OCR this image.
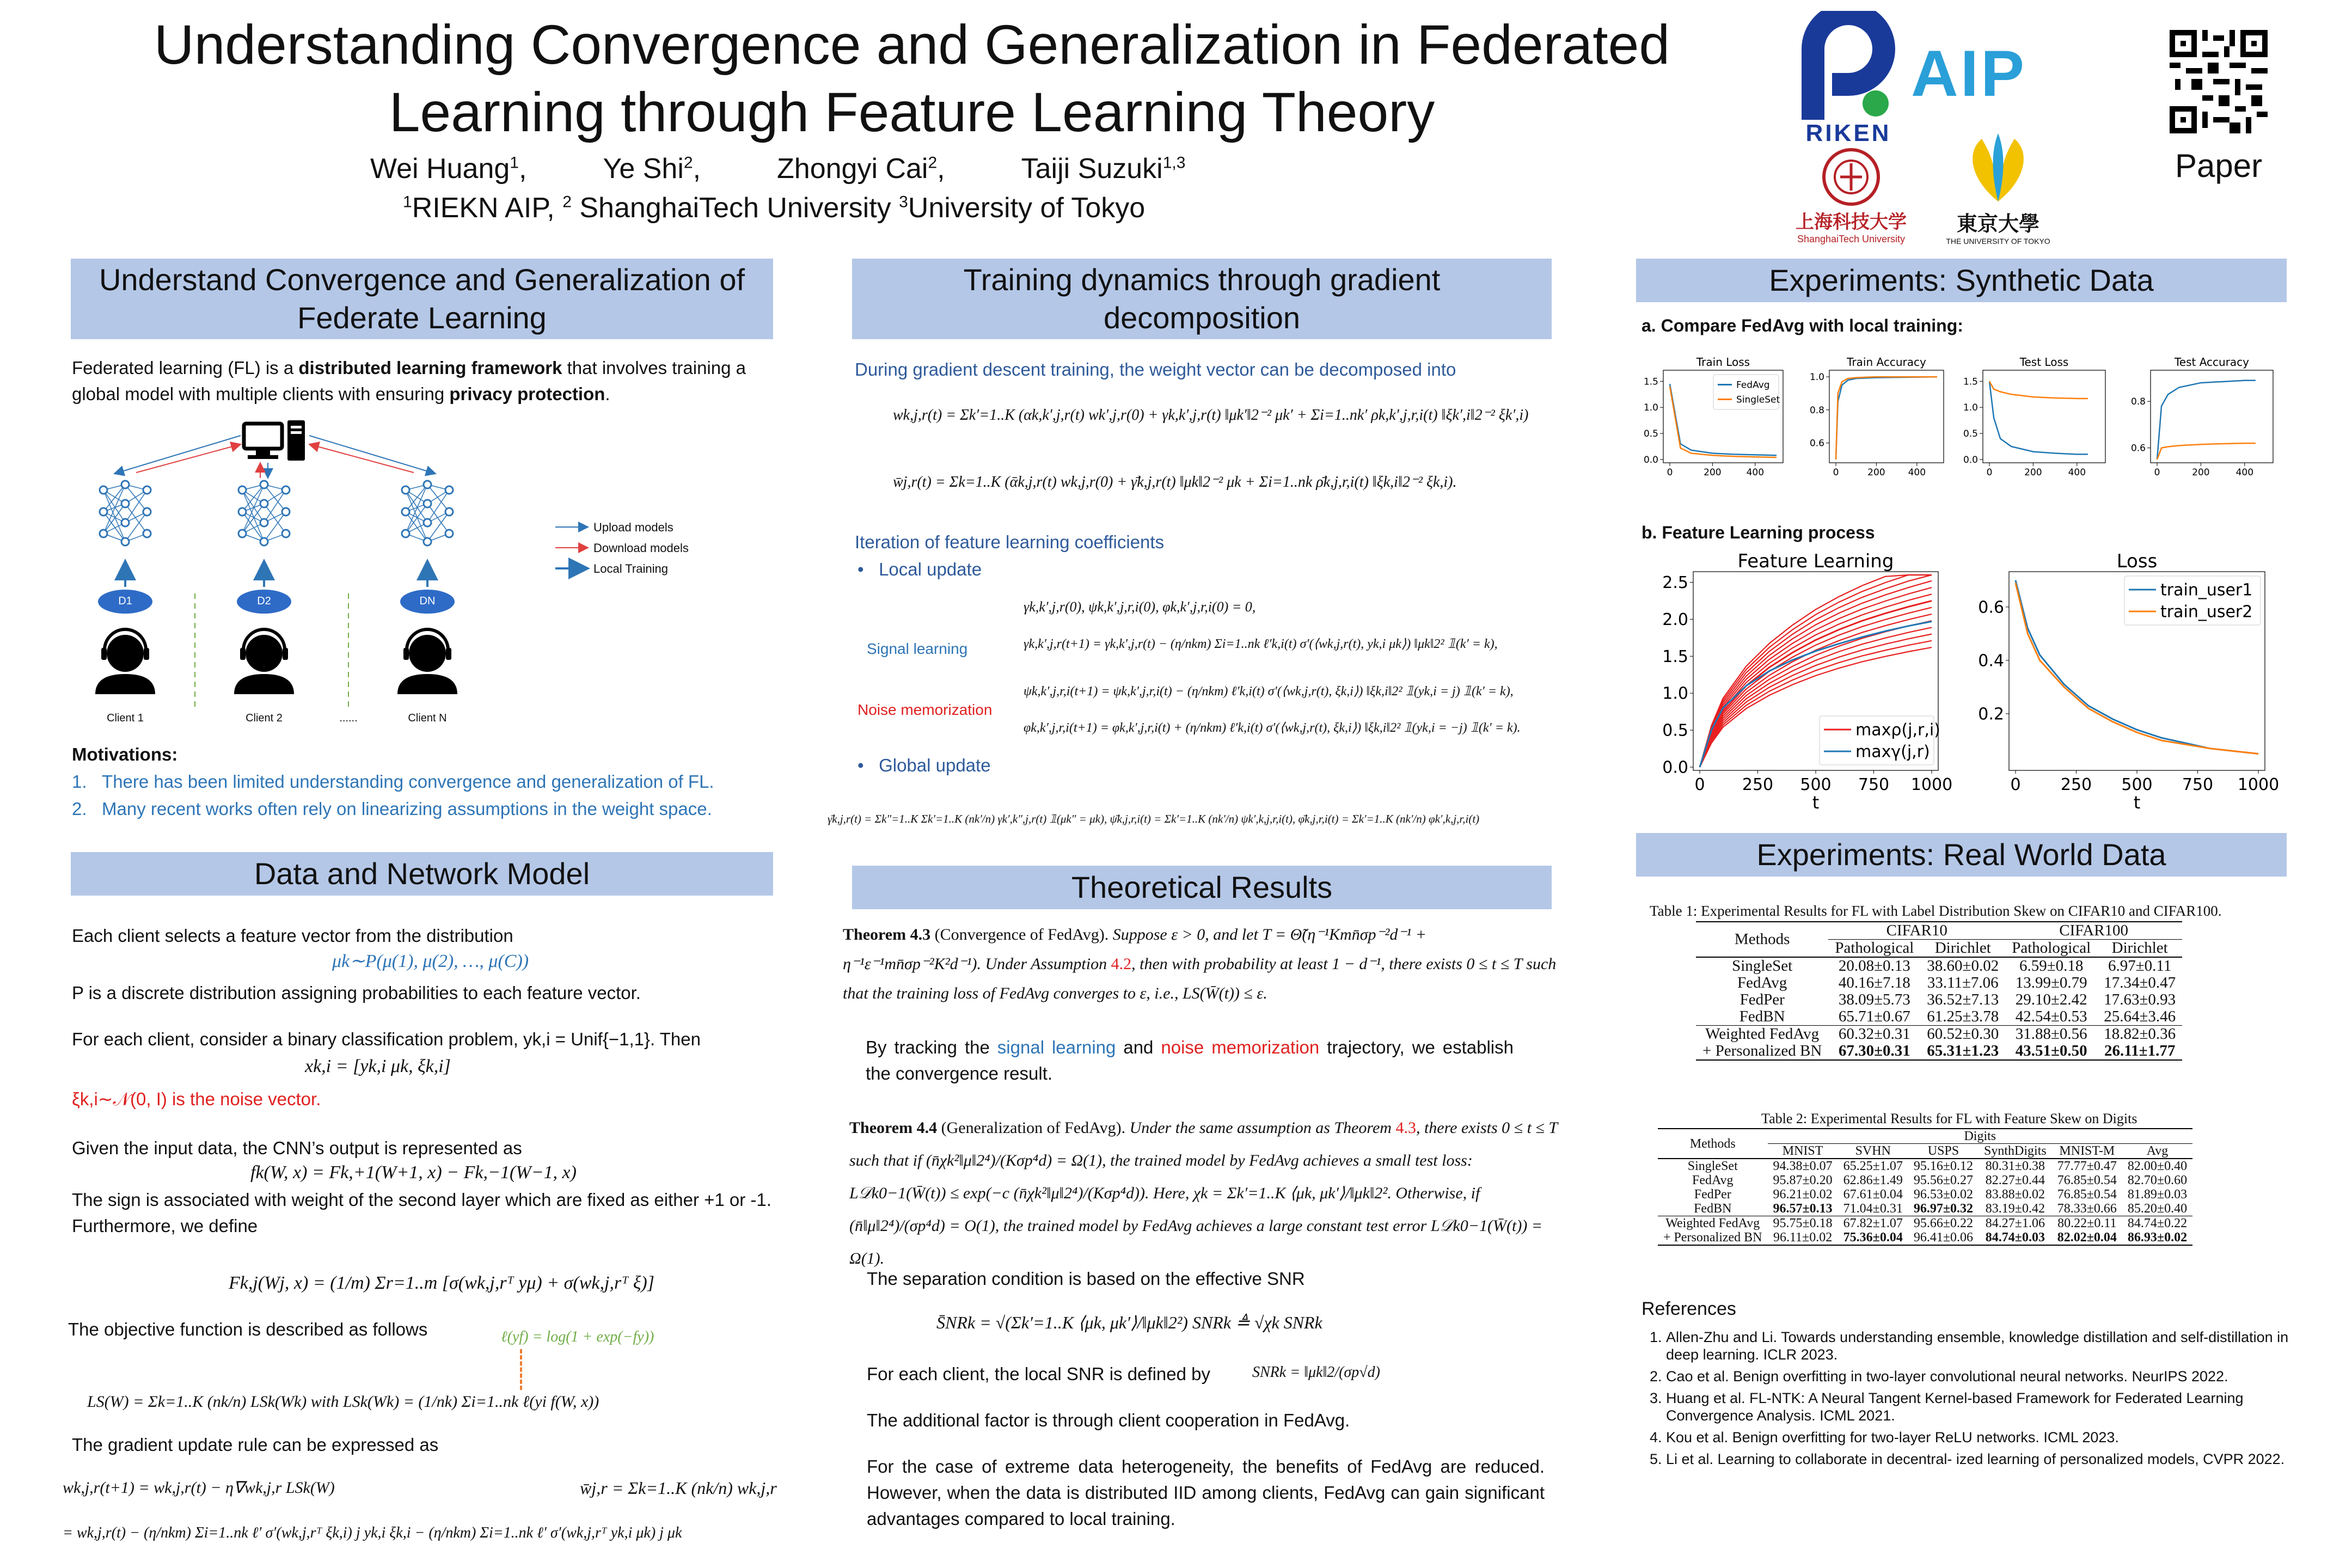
Understanding Convergence and Generalization in Federated
Learning through Feature Learning Theory
Wei Huang$^1$,	Ye Shi$^2$,	Zhongyi Cai$^2$,	Taiji Suzuki$^{1,3}$
$^1$RIEKN AIP, $^2$ ShanghaiTech University $^3$University of Tokyo
RIKEN
AIP
上海科技大学
ShanghaiTech University
東京大學
THE UNIVERSITY OF TOKYO
Paper
Understand Convergence and Generalization of
Federate Learning
Federated learning (FL) is a distributed learning framework that involves training a global model with multiple clients with ensuring privacy protection.
Upload models
Download models
Local Training
D1	D2	DN
Client 1	Client 2	......	Client N
Motivations:
1.   There has been limited understanding convergence and generalization of FL.
2.   Many recent works often rely on linearizing assumptions in the weight space.
Data and Network Model
Each client selects a feature vector from the distribution
μk∼P(μ(1), μ(2), …, μ(C))
P is a discrete distribution assigning probabilities to each feature vector.
For each client, consider a binary classification problem, yk,i = Unif{−1,1}. Then
xk,i = [yk,i μk, ξk,i]
ξk,i∼𝒩(0, I) is the noise vector.
Given the input data, the CNN’s output is represented as
fk(W, x) = Fk,+1(W+1, x) − Fk,−1(W−1, x)
The sign is associated with weight of the second layer which are fixed as either +1 or -1. Furthermore, we define
Fk,j(Wj, x) = (1/m) Σr=1..m [σ(wk,j,rᵀ yμ) + σ(wk,j,rᵀ ξ)]
The objective function is described as follows	ℓ(yf) = log(1 + exp(−fy))
LS(W) = Σk=1..K (nk/n) LSk(Wk) with LSk(Wk) = (1/nk) Σi=1..nk ℓ(yi f(W, x))
The gradient update rule can be expressed as
wk,j,r(t+1) = wk,j,r(t) − η∇wk,j,r LSk(W)	w̄j,r = Σk=1..K (nk/n) wk,j,r
= wk,j,r(t) − (η/nkm) Σi=1..nk ℓ′ σ′(wk,j,rᵀ ξk,i) j yk,i ξk,i − (η/nkm) Σi=1..nk ℓ′ σ′(wk,j,rᵀ yk,i μk) j μk
Training dynamics through gradient
decomposition
During gradient descent training, the weight vector can be decomposed into
wk,j,r(t) = Σk′=1..K (αk,k′,j,r(t) wk′,j,r(0) + γk,k′,j,r(t) ‖μk′‖2⁻² μk′ + Σi=1..nk′ ρk,k′,j,r,i(t) ‖ξk′,i‖2⁻² ξk′,i)
w̄j,r(t) = Σk=1..K (ᾱk,j,r(t) wk,j,r(0) + γ̄k,j,r(t) ‖μk‖2⁻² μk + Σi=1..nk ρ̄k,j,r,i(t) ‖ξk,i‖2⁻² ξk,i).
Iteration of feature learning coefficients
•   Local update
γk,k′,j,r(0), ψk,k′,j,r,i(0), φk,k′,j,r,i(0) = 0,
Signal learning	γk,k′,j,r(t+1) = γk,k′,j,r(t) − (η/nkm) Σi=1..nk ℓ′k,i(t) σ′(⟨wk,j,r(t), yk,i μk⟩) ‖μk‖2² 𝟙(k′ = k),
Noise memorization
ψk,k′,j,r,i(t+1) = ψk,k′,j,r,i(t) − (η/nkm) ℓ′k,i(t) σ′(⟨wk,j,r(t), ξk,i⟩) ‖ξk,i‖2² 𝟙(yk,i = j) 𝟙(k′ = k),
φk,k′,j,r,i(t+1) = φk,k′,j,r,i(t) + (η/nkm) ℓ′k,i(t) σ′(⟨wk,j,r(t), ξk,i⟩) ‖ξk,i‖2² 𝟙(yk,i = −j) 𝟙(k′ = k).
•   Global update
γ̄k,j,r(t) = Σk″=1..K Σk′=1..K (nk′/n) γk′,k″,j,r(t) 𝟙(μk″ = μk), ψ̄k,j,r,i(t) = Σk′=1..K (nk′/n) ψk′,k,j,r,i(t), φ̄k,j,r,i(t) = Σk′=1..K (nk′/n) φk′,k,j,r,i(t)
Theoretical Results
Theorem 4.3 (Convergence of FedAvg). Suppose ε > 0, and let T = Θ̃(η⁻¹Kmn̄σp⁻²d⁻¹ + η⁻¹ε⁻¹mn̄σp⁻²K²d⁻¹). Under Assumption 4.2, then with probability at least 1 − d⁻¹, there exists 0 ≤ t ≤ T such that the training loss of FedAvg converges to ε, i.e., LS(W̄(t)) ≤ ε.
By tracking the signal learning and noise memorization trajectory, we establish the convergence result.
Theorem 4.4 (Generalization of FedAvg). Under the same assumption as Theorem 4.3, there exists 0 ≤ t ≤ T such that if (n̄χk²‖μ‖2⁴)/(Kσp⁴d) = Ω(1), the trained model by FedAvg achieves a small test loss: L𝒟k0−1(W̄(t)) ≤ exp(−c (n̄χk²‖μ‖2⁴)/(Kσp⁴d)). Here, χk = Σk′=1..K ⟨μk, μk′⟩/‖μk‖2². Otherwise, if (n̄‖μ‖2⁴)/(σp⁴d) = O(1), the trained model by FedAvg achieves a large constant test error L𝒟k0−1(W̄(t)) = Ω(1).
The separation condition is based on the effective SNR
S̄NRk = √(Σk′=1..K ⟨μk, μk′⟩/‖μk‖2²) SNRk ≜ √χk SNRk
For each client, the local SNR is defined by	SNRk = ‖μk‖2/(σp√d)
The additional factor is through client cooperation in FedAvg.
For the case of extreme data heterogeneity, the benefits of FedAvg are reduced. However, when the data is distributed IID among clients, FedAvg can gain significant advantages compared to local training.
Experiments: Synthetic Data
a. Compare FedAvg with local training:
Train Loss
0	200	400
0.0
0.5
1.0
1.5	FedAvg
SingleSet
Train Accuracy
0	200 400
0.6
0.8
1.0
Test Loss
0	200	400
0.0
0.5
1.0
1.5
Test Accuracy
0	200	400
0.6
0.8
b. Feature Learning process
Feature Learning
0 250 500 750 1000
0.0
0.5
1.0
1.5
2.0
2.5
t
maxρ(j,r,i)
maxγ(j,r)
Loss
0 250 500 750 1000
0.2
0.4
0.6
t
train_user1
train_user2
Experiments: Real World Data
Table 1: Experimental Results for FL with Label Distribution Skew on CIFAR10 and CIFAR100.
Methods	CIFAR10		CIFAR100	
	Pathological	Dirichlet	Pathological	Dirichlet
SingleSet	20.08±0.13	38.60±0.02	6.59±0.18	6.97±0.11
FedAvg	40.16±7.18	33.11±7.06	13.99±0.79	17.34±0.47
FedPer	38.09±5.73	36.52±7.13	29.10±2.42	17.63±0.93
FedBN	65.71±0.67	61.25±3.78	42.54±0.53	25.64±3.46
Weighted FedAvg	60.32±0.31	60.52±0.30	31.88±0.56	18.82±0.36
+ Personalized BN	67.30±0.31	65.31±1.23	43.51±0.50	26.11±1.77
Table 2: Experimental Results for FL with Feature Skew on Digits
Methods	Digits					
	MNIST	SVHN	USPS	SynthDigits	MNIST-M	Avg
SingleSet	94.38±0.07	65.25±1.07	95.16±0.12	80.31±0.38	77.77±0.47	82.00±0.40
FedAvg	95.87±0.20	62.86±1.49	95.56±0.27	82.27±0.44	76.85±0.54	82.70±0.60
FedPer	96.21±0.02	67.61±0.04	96.53±0.02	83.88±0.02	76.85±0.54	81.89±0.03
FedBN	96.57±0.13	71.04±0.31	96.97±0.32	83.19±0.42	78.33±0.66	85.20±0.40
Weighted FedAvg	95.75±0.18	67.82±1.07	95.66±0.22	84.27±1.06	80.22±0.11	84.74±0.22
+ Personalized BN	96.11±0.02	75.36±0.04	96.41±0.06	84.74±0.03	82.02±0.04	86.93±0.02
References
1. Allen-Zhu and Li. Towards understanding ensemble, knowledge distillation and self-distillation in deep learning. ICLR 2023.
2. Cao et al. Benign overfitting in two-layer convolutional neural networks. NeurIPS 2022.
3. Huang et al. FL-NTK: A Neural Tangent Kernel-based Framework for Federated Learning Convergence Analysis. ICML 2021.
4. Kou et al. Benign overfitting for two-layer ReLU networks. ICML 2023.
5. Li et al. Learning to collaborate in decentral- ized learning of personalized models, CVPR 2022.
